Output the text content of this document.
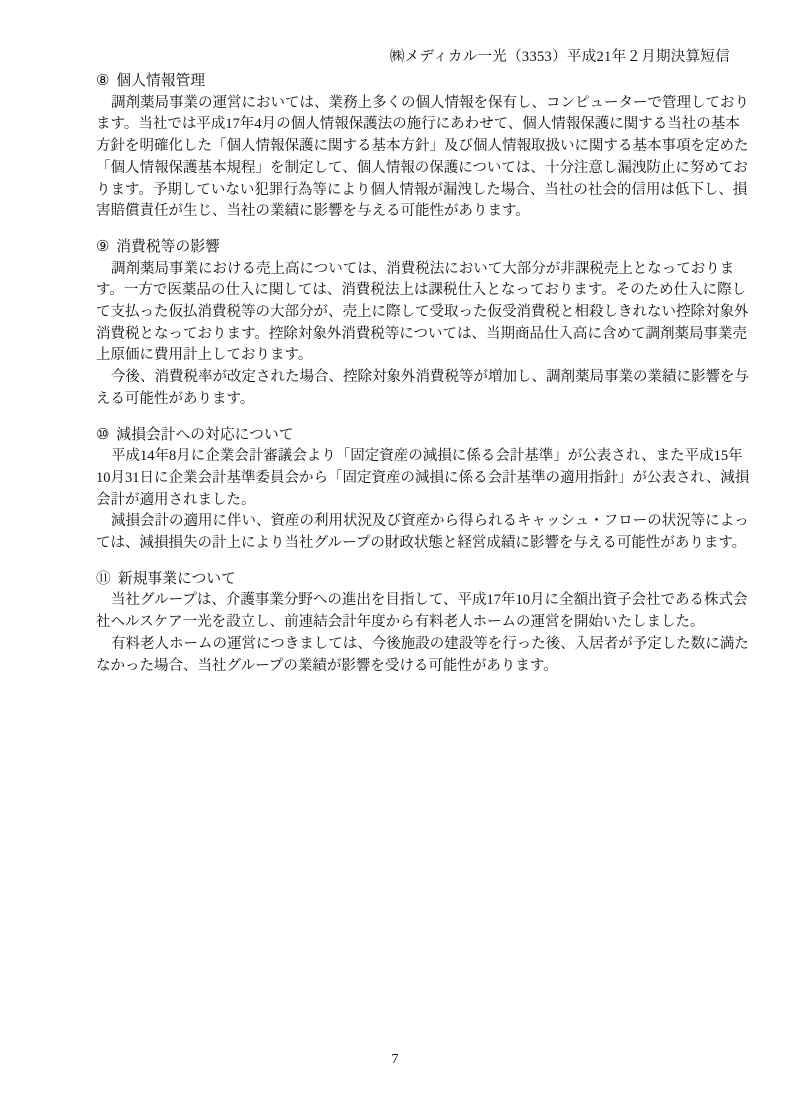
㈱メディカル一光（3353）平成21年２月期決算短信
⑧ 個人情報管理
調剤薬局事業の運営においては、業務上多くの個人情報を保有し、コンピューターで管理しており
ます。当社では平成17年4月の個人情報保護法の施行にあわせて、個人情報保護に関する当社の基本
方針を明確化した「個人情報保護に関する基本方針」及び個人情報取扱いに関する基本事項を定めた
「個人情報保護基本規程」を制定して、個人情報の保護については、十分注意し漏洩防止に努めてお
ります。予期していない犯罪行為等により個人情報が漏洩した場合、当社の社会的信用は低下し、損
害賠償責任が生じ、当社の業績に影響を与える可能性があります。
⑨ 消費税等の影響
調剤薬局事業における売上高については、消費税法において大部分が非課税売上となっておりま
す。一方で医薬品の仕入に関しては、消費税法上は課税仕入となっております。そのため仕入に際し
て支払った仮払消費税等の大部分が、売上に際して受取った仮受消費税と相殺しきれない控除対象外
消費税となっております。控除対象外消費税等については、当期商品仕入高に含めて調剤薬局事業売
上原価に費用計上しております。
今後、消費税率が改定された場合、控除対象外消費税等が増加し、調剤薬局事業の業績に影響を与
える可能性があります。
⑩ 減損会計への対応について
平成14年8月に企業会計審議会より「固定資産の減損に係る会計基準」が公表され、また平成15年
10月31日に企業会計基準委員会から「固定資産の減損に係る会計基準の適用指針」が公表され、減損
会計が適用されました。
減損会計の適用に伴い、資産の利用状況及び資産から得られるキャッシュ・フローの状況等によっ
ては、減損損失の計上により当社グループの財政状態と経営成績に影響を与える可能性があります。
⑪ 新規事業について
当社グループは、介護事業分野への進出を目指して、平成17年10月に全額出資子会社である株式会
社ヘルスケア一光を設立し、前連結会計年度から有料老人ホームの運営を開始いたしました。
有料老人ホームの運営につきましては、今後施設の建設等を行った後、入居者が予定した数に満た
なかった場合、当社グループの業績が影響を受ける可能性があります。
7
